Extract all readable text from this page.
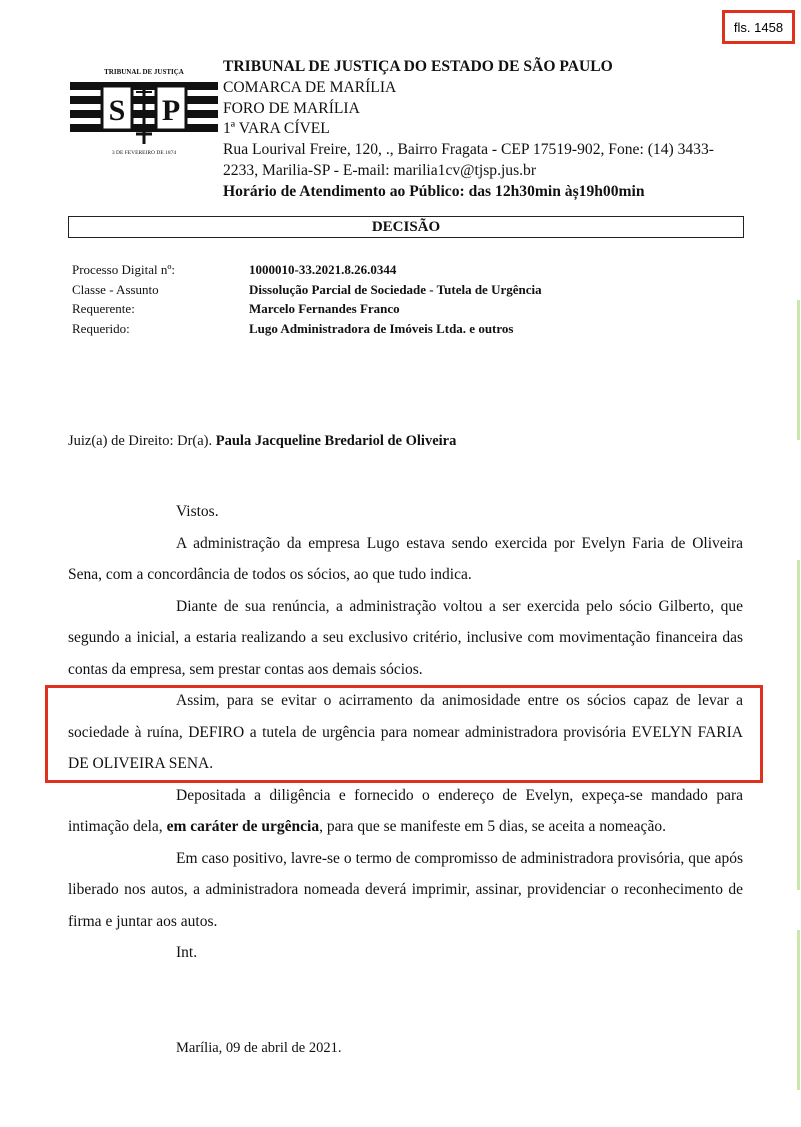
fls. 1458
TRIBUNAL DE JUSTIÇA
S P
3 DE FEVEREIRO DE 1874
TRIBUNAL DE JUSTIÇA DO ESTADO DE SÃO PAULO
COMARCA DE MARÍLIA
FORO DE MARÍLIA
1ª VARA CÍVEL
Rua Lourival Freire, 120, ., Bairro Fragata - CEP 17519-902, Fone: (14) 3433-2233, Marilia-SP - E-mail: marilia1cv@tjsp.jus.br
Horário de Atendimento ao Público: das 12h30min àș19h00min
DECISÃO
Processo Digital nº:	1000010-33.2021.8.26.0344
Classe - Assunto	Dissolução Parcial de Sociedade - Tutela de Urgência
Requerente:	Marcelo Fernandes Franco
Requerido:	Lugo Administradora de Imóveis Ltda. e outros
Juiz(a) de Direito: Dr(a). Paula Jacqueline Bredariol de Oliveira

Vistos.

A administração da empresa Lugo estava sendo exercida por Evelyn Faria de Oliveira Sena, com a concordância de todos os sócios, ao que tudo indica.

Diante de sua renúncia, a administração voltou a ser exercida pelo sócio Gilberto, que segundo a inicial, a estaria realizando a seu exclusivo critério, inclusive com movimentação financeira das contas da empresa, sem prestar contas aos demais sócios.

Assim, para se evitar o acirramento da animosidade entre os sócios capaz de levar a sociedade à ruína, DEFIRO a tutela de urgência para nomear administradora provisória EVELYN FARIA DE OLIVEIRA SENA.

Depositada a diligência e fornecido o endereço de Evelyn, expeça-se mandado para intimação dela, em caráter de urgência, para que se manifeste em 5 dias, se aceita a nomeação.

Em caso positivo, lavre-se o termo de compromisso de administradora provisória, que após liberado nos autos, a administradora nomeada deverá imprimir, assinar, providenciar o reconhecimento de firma e juntar aos autos.

Int.

Marília, 09 de abril de 2021.
